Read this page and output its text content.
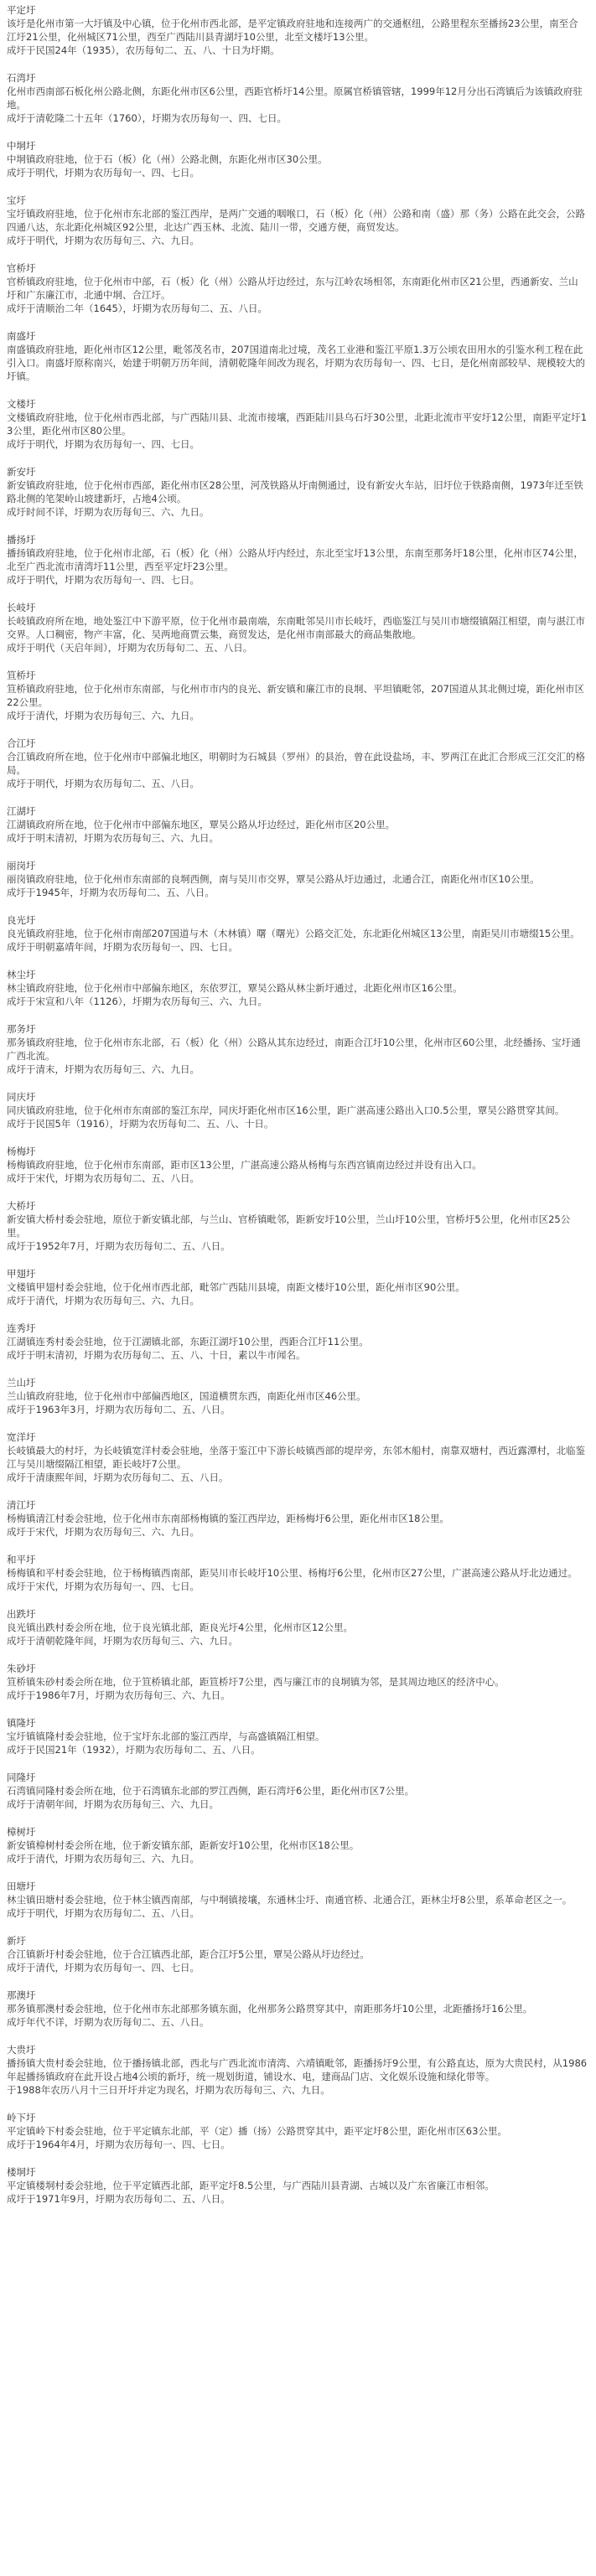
平定圩
该圩是化州市第一大圩镇及中心镇，位于化州市西北部，是平定镇政府驻地和连接两广的交通枢纽，公路里程东至播扬23公里，南至合江圩21公里，化州城区71公里，西至广西陆川县青湖圩10公里，北至文楼圩13公里。
成圩于民国24年（1935），农历每旬二、五、八、十日为圩期。
石湾圩
化州市西南部石板化州公路北侧，东距化州市区6公里，西距官桥圩14公里。原属官桥镇管辖，1999年12月分出石湾镇后为该镇政府驻地。
成圩于清乾隆二十五年（1760），圩期为农历每旬一、四、七日。
中垌圩
中垌镇政府驻地，位于石（板）化（州）公路北侧，东距化州市区30公里。
成圩于明代，圩期为农历每旬一、四、七日。
宝圩
宝圩镇政府驻地，位于化州市东北部的鉴江西岸，是两广交通的咽喉口，石（板）化（州）公路和南（盛）那（务）公路在此交会，公路四通八达，东北距化州城区92公里，北达广西玉林、北流、陆川一带，交通方便，商贸发达。
成圩于明代，圩期为农历每旬三、六、九日。
官桥圩
官桥镇政府驻地，位于化州市中部，石（板）化（州）公路从圩边经过，东与江岭农场相邻，东南距化州市区21公里，西通新安、兰山圩和广东廉江市，北通中垌、合江圩。
成圩于清顺治二年（1645），圩期为农历每旬二、五、八日。
南盛圩
南盛镇政府驻地，距化州市区12公里，毗邻茂名市，207国道南北过境，茂名工业港和鉴江平原1.3万公顷农田用水的引鉴水利工程在此引入口。南盛圩原称南兴，始建于明朝万历年间，清朝乾隆年间改为现名，圩期为农历每旬一、四、七日，是化州南部较早、规模较大的圩镇。
文楼圩
文楼镇政府驻地，位于化州市西北部，与广西陆川县、北流市接壤，西距陆川县乌石圩30公里，北距北流市平安圩12公里，南距平定圩13公里，距化州市区80公里。
成圩于明代，圩期为农历每旬一、四、七日。
新安圩
新安镇政府驻地，位于化州市西部，距化州市区28公里，河茂铁路从圩南侧通过，设有新安火车站，旧圩位于铁路南侧，1973年迁至铁路北侧的笔架岭山坡建新圩，占地4公顷。
成圩时间不详，圩期为农历每旬三、六、九日。
播扬圩
播扬镇政府驻地，位于化州市北部，石（板）化（州）公路从圩内经过，东北至宝圩13公里，东南至那务圩18公里，化州市区74公里，北至广西北流市清湾圩11公里，西至平定圩23公里。
成圩于明代，圩期为农历每旬一、四、七日。
长岐圩
长岐镇政府所在地，地处鉴江中下游平原，位于化州市最南端，东南毗邻吴川市长岐圩，西临鉴江与吴川市塘缀镇隔江相望，南与湛江市交界。人口稠密，物产丰富，化、吴两地商贾云集，商贸发达，是化州市南部最大的商品集散地。
成圩于明代（天启年间），圩期为农历每旬二、五、八日。
笪桥圩
笪桥镇政府驻地，位于化州市东南部，与化州市市内的良光、新安镇和廉江市的良垌、平坦镇毗邻，207国道从其北侧过境，距化州市区22公里。
成圩于清代，圩期为农历每旬三、六、九日。
合江圩
合江镇政府所在地，位于化州市中部偏北地区，明朝时为石城县（罗州）的县治，曾在此设盐场，丰、罗两江在此汇合形成三江交汇的格局。
成圩于明代，圩期为农历每旬二、五、八日。
江湖圩
江湖镇政府所在地，位于化州市中部偏东地区，覃吴公路从圩边经过，距化州市区20公里。
成圩于明末清初，圩期为农历每旬三、六、九日。
丽岗圩
丽岗镇政府驻地，位于化州市东南部的良垌西侧，南与吴川市交界，覃吴公路从圩边通过，北通合江，南距化州市区10公里。
成圩于1945年，圩期为农历每旬二、五、八日。
良光圩
良光镇政府驻地，位于化州市南部207国道与木（木林镇）曙（曙光）公路交汇处，东北距化州城区13公里，南距吴川市塘缀15公里。
成圩于明朝嘉靖年间，圩期为农历每旬一、四、七日。
林尘圩
林尘镇政府驻地，位于化州市中部偏东地区，东依罗江，覃吴公路从林尘新圩通过，北距化州市区16公里。
成圩于宋宣和八年（1126），圩期为农历每旬三、六、九日。
那务圩
那务镇政府驻地，位于化州市东北部，石（板）化（州）公路从其东边经过，南距合江圩10公里，化州市区60公里，北经播扬、宝圩通广西北流。
成圩于清末，圩期为农历每旬三、六、九日。
同庆圩
同庆镇政府驻地，位于化州市东南部的鉴江东岸，同庆圩距化州市区16公里，距广湛高速公路出入口0.5公里，覃吴公路贯穿其间。
成圩于民国5年（1916），圩期为农历每旬二、五、八、十日。
杨梅圩
杨梅镇政府驻地，位于化州市东南部，距市区13公里，广湛高速公路从杨梅与东西宫镇南边经过并设有出入口。
成圩于宋代，圩期为农历每旬二、五、八日。
大桥圩
新安镇大桥村委会驻地，原位于新安镇北部，与兰山、官桥镇毗邻，距新安圩10公里，兰山圩10公里，官桥圩5公里，化州市区25公里。
成圩于1952年7月，圩期为农历每旬二、五、八日。
甲翅圩
文楼镇甲翅村委会驻地，位于化州市西北部，毗邻广西陆川县境，南距文楼圩10公里，距化州市区90公里。
成圩于清代，圩期为农历每旬三、六、九日。
连秀圩
江湖镇连秀村委会驻地，位于江湖镇北部，东距江湖圩10公里，西距合江圩11公里。
成圩于明末清初，圩期为农历每旬二、五、八、十日，素以牛市闻名。
兰山圩
兰山镇政府驻地，位于化州市中部偏西地区，国道横贯东西，南距化州市区46公里。
成圩于1963年3月，圩期为农历每旬二、五、八日。
宽洋圩
长岐镇最大的村圩，为长岐镇宽洋村委会驻地，坐落于鉴江中下游长岐镇西部的堤岸旁，东邻木船村，南靠双塘村，西近露潭村，北临鉴江与吴川塘缀隔江相望，距长岐圩7公里。
成圩于清康熙年间，圩期为农历每旬二、五、八日。
清江圩
杨梅镇清江村委会驻地，位于化州市东南部杨梅镇的鉴江西岸边，距杨梅圩6公里，距化州市区18公里。
成圩于宋代，圩期为农历每旬三、六、九日。
和平圩
杨梅镇和平村委会驻地，位于杨梅镇西南部，距吴川市长岐圩10公里、杨梅圩6公里，化州市区27公里，广湛高速公路从圩北边通过。
成圩于宋代，圩期为农历每旬一、四、七日。
出跌圩
良光镇出跌村委会所在地，位于良光镇北部，距良光圩4公里，化州市区12公里。
成圩于清朝乾隆年间，圩期为农历每旬三、六、九日。
朱砂圩
笪桥镇朱砂村委会所在地，位于笪桥镇北部，距笪桥圩7公里，西与廉江市的良垌镇为邻，是其周边地区的经济中心。
成圩于1986年7月，圩期为农历每旬三、六、九日。
镇隆圩
宝圩镇镇隆村委会驻地，位于宝圩东北部的鉴江西岸，与高盛镇隔江相望。
成圩于民国21年（1932），圩期为农历每旬二、五、八日。
同隆圩
石湾镇同隆村委会所在地，位于石湾镇东北部的罗江西侧，距石湾圩6公里，距化州市区7公里。
成圩于清朝年间，圩期为农历每旬三、六、九日。
樟树圩
新安镇樟树村委会所在地，位于新安镇东部，距新安圩10公里，化州市区18公里。
成圩于清代，圩期为农历每旬三、六、九日。
田塘圩
林尘镇田塘村委会驻地，位于林尘镇西南部，与中垌镇接壤，东通林尘圩、南通官桥、北通合江，距林尘圩8公里，系革命老区之一。
成圩于明代，圩期为农历每旬二、五、八日。
新圩
合江镇新圩村委会驻地，位于合江镇西北部，距合江圩5公里，覃吴公路从圩边经过。
成圩于清代，圩期为农历每旬一、四、七日。
那澳圩
那务镇那澳村委会驻地，位于化州市东北部那务镇东面，化州那务公路贯穿其中，南距那务圩10公里，北距播扬圩16公里。
成圩年代不详，圩期为农历每旬二、五、八日。
大贵圩
播扬镇大贵村委会驻地，位于播扬镇北部，西北与广西北流市清湾、六靖镇毗邻，距播扬圩9公里，有公路直达，原为大贵民村，从1986年起播扬镇政府在此开设占地4公顷的新圩，统一规划街道，铺设水、电，建商品门店、文化娱乐设施和绿化带等。
于1988年农历八月十三日开圩并定为现名，圩期为农历每旬三、六、九日。
岭下圩
平定镇岭下村委会驻地，位于平定镇东北部，平（定）播（扬）公路贯穿其中，距平定圩8公里，距化州市区63公里。
成圩于1964年4月，圩期为农历每旬一、四、七日。
楼垌圩
平定镇楼垌村委会驻地，位于平定镇西北部，距平定圩8.5公里，与广西陆川县青湖、古城以及广东省廉江市相邻。
成圩于1971年9月，圩期为农历每旬二、五、八日。
